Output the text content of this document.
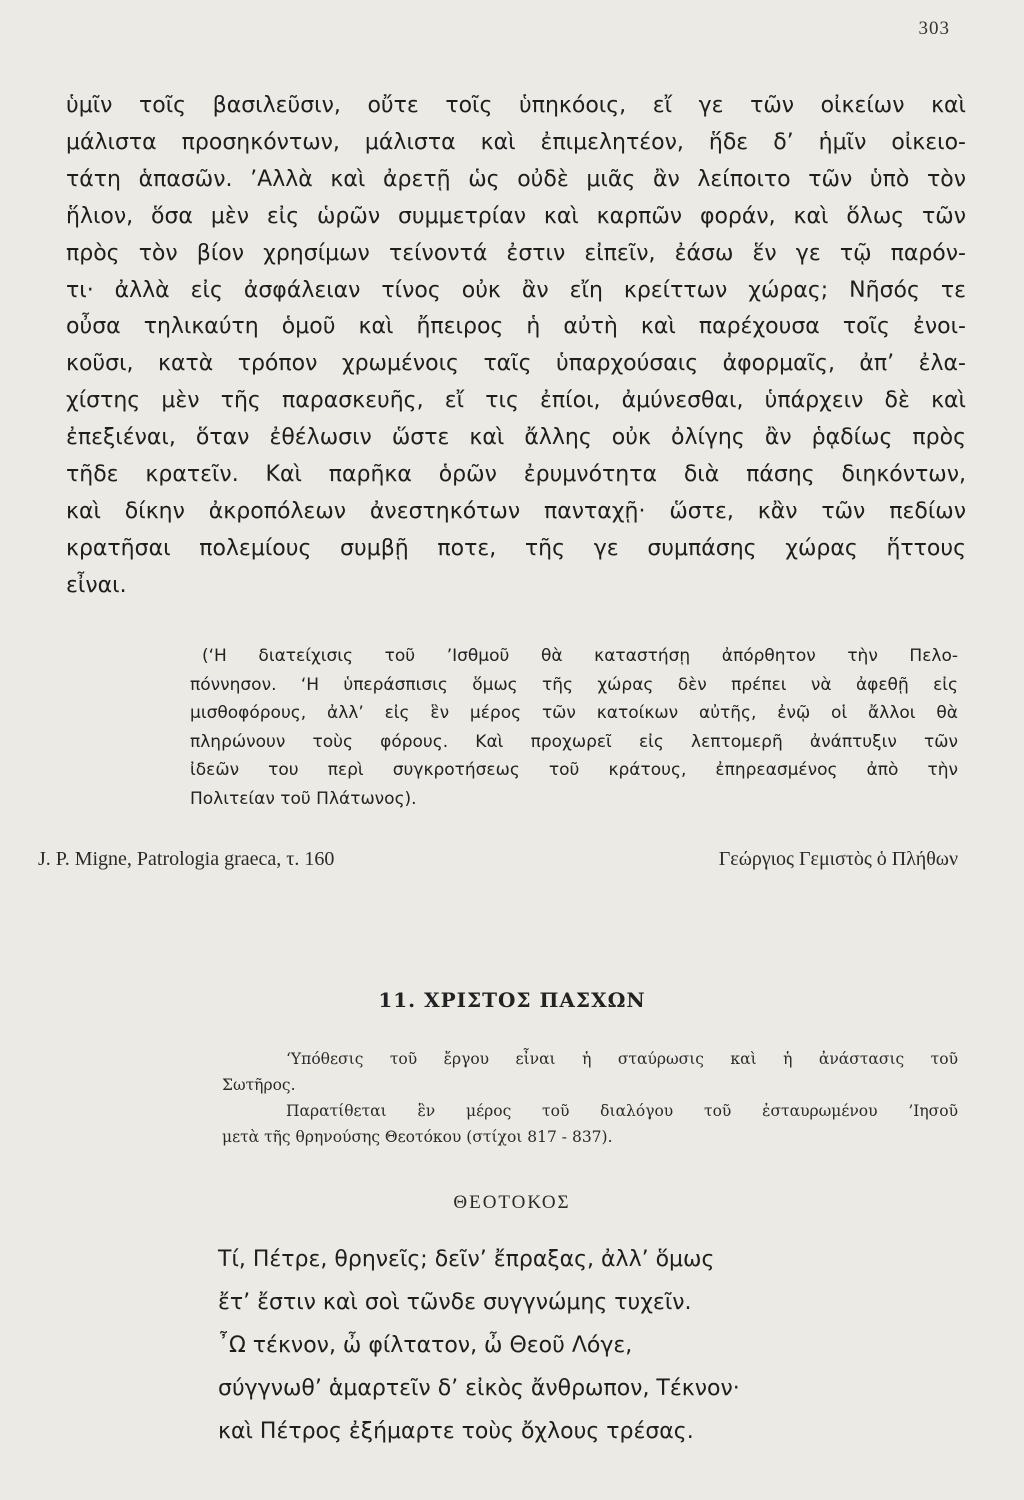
303
ὑμῖν τοῖς βασιλεῦσιν, οὔτε τοῖς ὑπηκόοις, εἴ γε τῶν οἰκείων καὶ
μάλιστα προσηκόντων, μάλιστα καὶ ἐπιμελητέον, ἥδε δ’ ἡμῖν οἰκειο-
τάτη ἁπασῶν. ’Αλλὰ καὶ ἀρετῇ ὡς οὐδὲ μιᾶς ἂν λείποιτο τῶν ὑπὸ τὸν
ἥλιον, ὅσα μὲν εἰς ὡρῶν συμμετρίαν καὶ καρπῶν φοράν, καὶ ὅλως τῶν
πρὸς τὸν βίον χρησίμων τείνοντά ἐστιν εἰπεῖν, ἐάσω ἕν γε τῷ παρόν-
τι· ἀλλὰ εἰς ἀσφάλειαν τίνος οὐκ ἂν εἴη κρείττων χώρας; Νῆσός τε
οὖσα τηλικαύτη ὁμοῦ καὶ ἤπειρος ἡ αὐτὴ καὶ παρέχουσα τοῖς ἐνοι-
κοῦσι, κατὰ τρόπον χρωμένοις ταῖς ὑπαρχούσαις ἀφορμαῖς, ἀπ’ ἐλα-
χίστης μὲν τῆς παρασκευῆς, εἴ τις ἐπίοι, ἀμύνεσθαι, ὑπάρχειν δὲ καὶ
ἐπεξιέναι, ὅταν ἐθέλωσιν ὥστε καὶ ἄλλης οὐκ ὀλίγης ἂν ῥᾳδίως πρὸς
τῆδε κρατεῖν. Καὶ παρῆκα ὁρῶν ἐρυμνότητα διὰ πάσης διηκόντων,
καὶ δίκην ἀκροπόλεων ἀνεστηκότων πανταχῇ· ὥστε, κἂν τῶν πεδίων
κρατῆσαι πολεμίους συμβῇ ποτε, τῆς γε συμπάσης χώρας ἥττους
εἶναι.
(‘Η διατείχισις τοῦ ’Ισθμοῦ θὰ καταστήσῃ ἀπόρθητον τὴν Πελο-
πόννησον. ‘Η ὑπεράσπισις ὅμως τῆς χώρας δὲν πρέπει νὰ ἀφεθῇ εἰς
μισθοφόρους, ἀλλ’ εἰς ἓν μέρος τῶν κατοίκων αὐτῆς, ἐνῷ οἱ ἄλλοι θὰ
πληρώνουν τοὺς φόρους. Καὶ προχωρεῖ εἰς λεπτομερῆ ἀνάπτυξιν τῶν
ἰδεῶν του περὶ συγκροτήσεως τοῦ κράτους, ἐπηρεασμένος ἀπὸ τὴν
Πολιτείαν τοῦ Πλάτωνος).
J. P. Migne, Patrologia graeca, τ. 160	Γεώργιος Γεμιστὸς ὁ Πλήθων
11. ΧΡΙΣΤΟΣ ΠΑΣΧΩΝ
‘Υπόθεσις τοῦ ἔργου εἶναι ἡ σταύρωσις καὶ ἡ ἀνάστασις τοῦ
Σωτῆρος.
Παρατίθεται ἓν μέρος τοῦ διαλόγου τοῦ ἐσταυρωμένου ’Ιησοῦ
μετὰ τῆς θρηνούσης Θεοτόκου (στίχοι 817 - 837).
ΘΕΟΤΟΚΟΣ
Τί, Πέτρε, θρηνεῖς; δεῖν’ ἔπραξας, ἀλλ’ ὅμως
ἔτ’ ἔστιν καὶ σοὶ τῶνδε συγγνώμης τυχεῖν.
῏Ω τέκνον, ὦ φίλτατον, ὦ Θεοῦ Λόγε,
σύγγνωθ’ ἁμαρτεῖν δ’ εἰκὸς ἄνθρωπον, Τέκνον·
καὶ Πέτρος ἐξήμαρτε τοὺς ὄχλους τρέσας.
